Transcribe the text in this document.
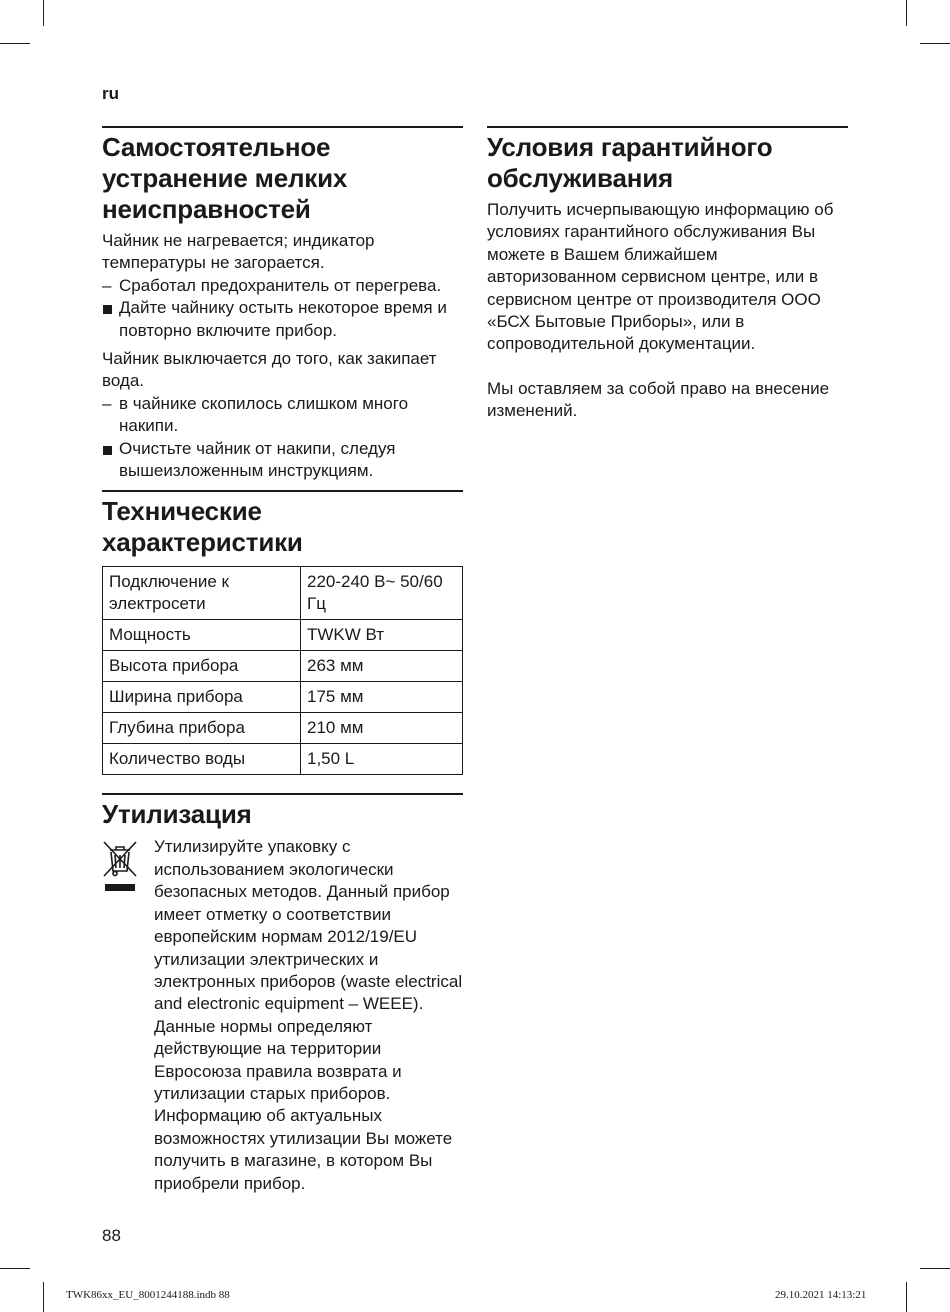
ru
Самостоятельное устранение мелких неисправностей

Чайник не нагревается; индикатор температуры не загорается.

– Сработал предохранитель от перегрева.
Дайте чайнику остыть некоторое время и повторно включите прибор.

Чайник выключается до того, как закипает вода.

– в чайнике скопилось слишком много накипи.
Очистьте чайник от накипи, следуя вышеизложенным инструкциям.
Технические характеристики
Подключение к электросети	220-240 В~ 50/60 Гц
Мощность	TWKW Вт
Высота прибора	263 мм
Ширина прибора	175 мм
Глубина прибора	210 мм
Количество воды	1,50 L
Утилизация

Утилизируйте упаковку с использованием экологически безопасных методов. Данный прибор имеет отметку о соответствии европейским нормам 2012/19/EU утилизации электрических и электронных приборов (waste electrical and electronic equipment – WEEE). Данные нормы определяют действующие на территории Евросоюза правила возврата и утилизации старых приборов. Информацию об актуальных возможностях утилизации Вы можете получить в магазине, в котором Вы приобрели прибор.

Условия гарантийного обслуживания

Получить исчерпывающую информацию об условиях гарантийного обслуживания Вы можете в Вашем ближайшем авторизованном сервисном центре, или в сервисном центре от производителя ООО «БСХ Бытовые Приборы», или в сопроводительной документации.

Мы оставляем за собой право на внесение изменений.

88
TWK86xx_EU_8001244188.indb 88	29.10.2021 14:13:21
